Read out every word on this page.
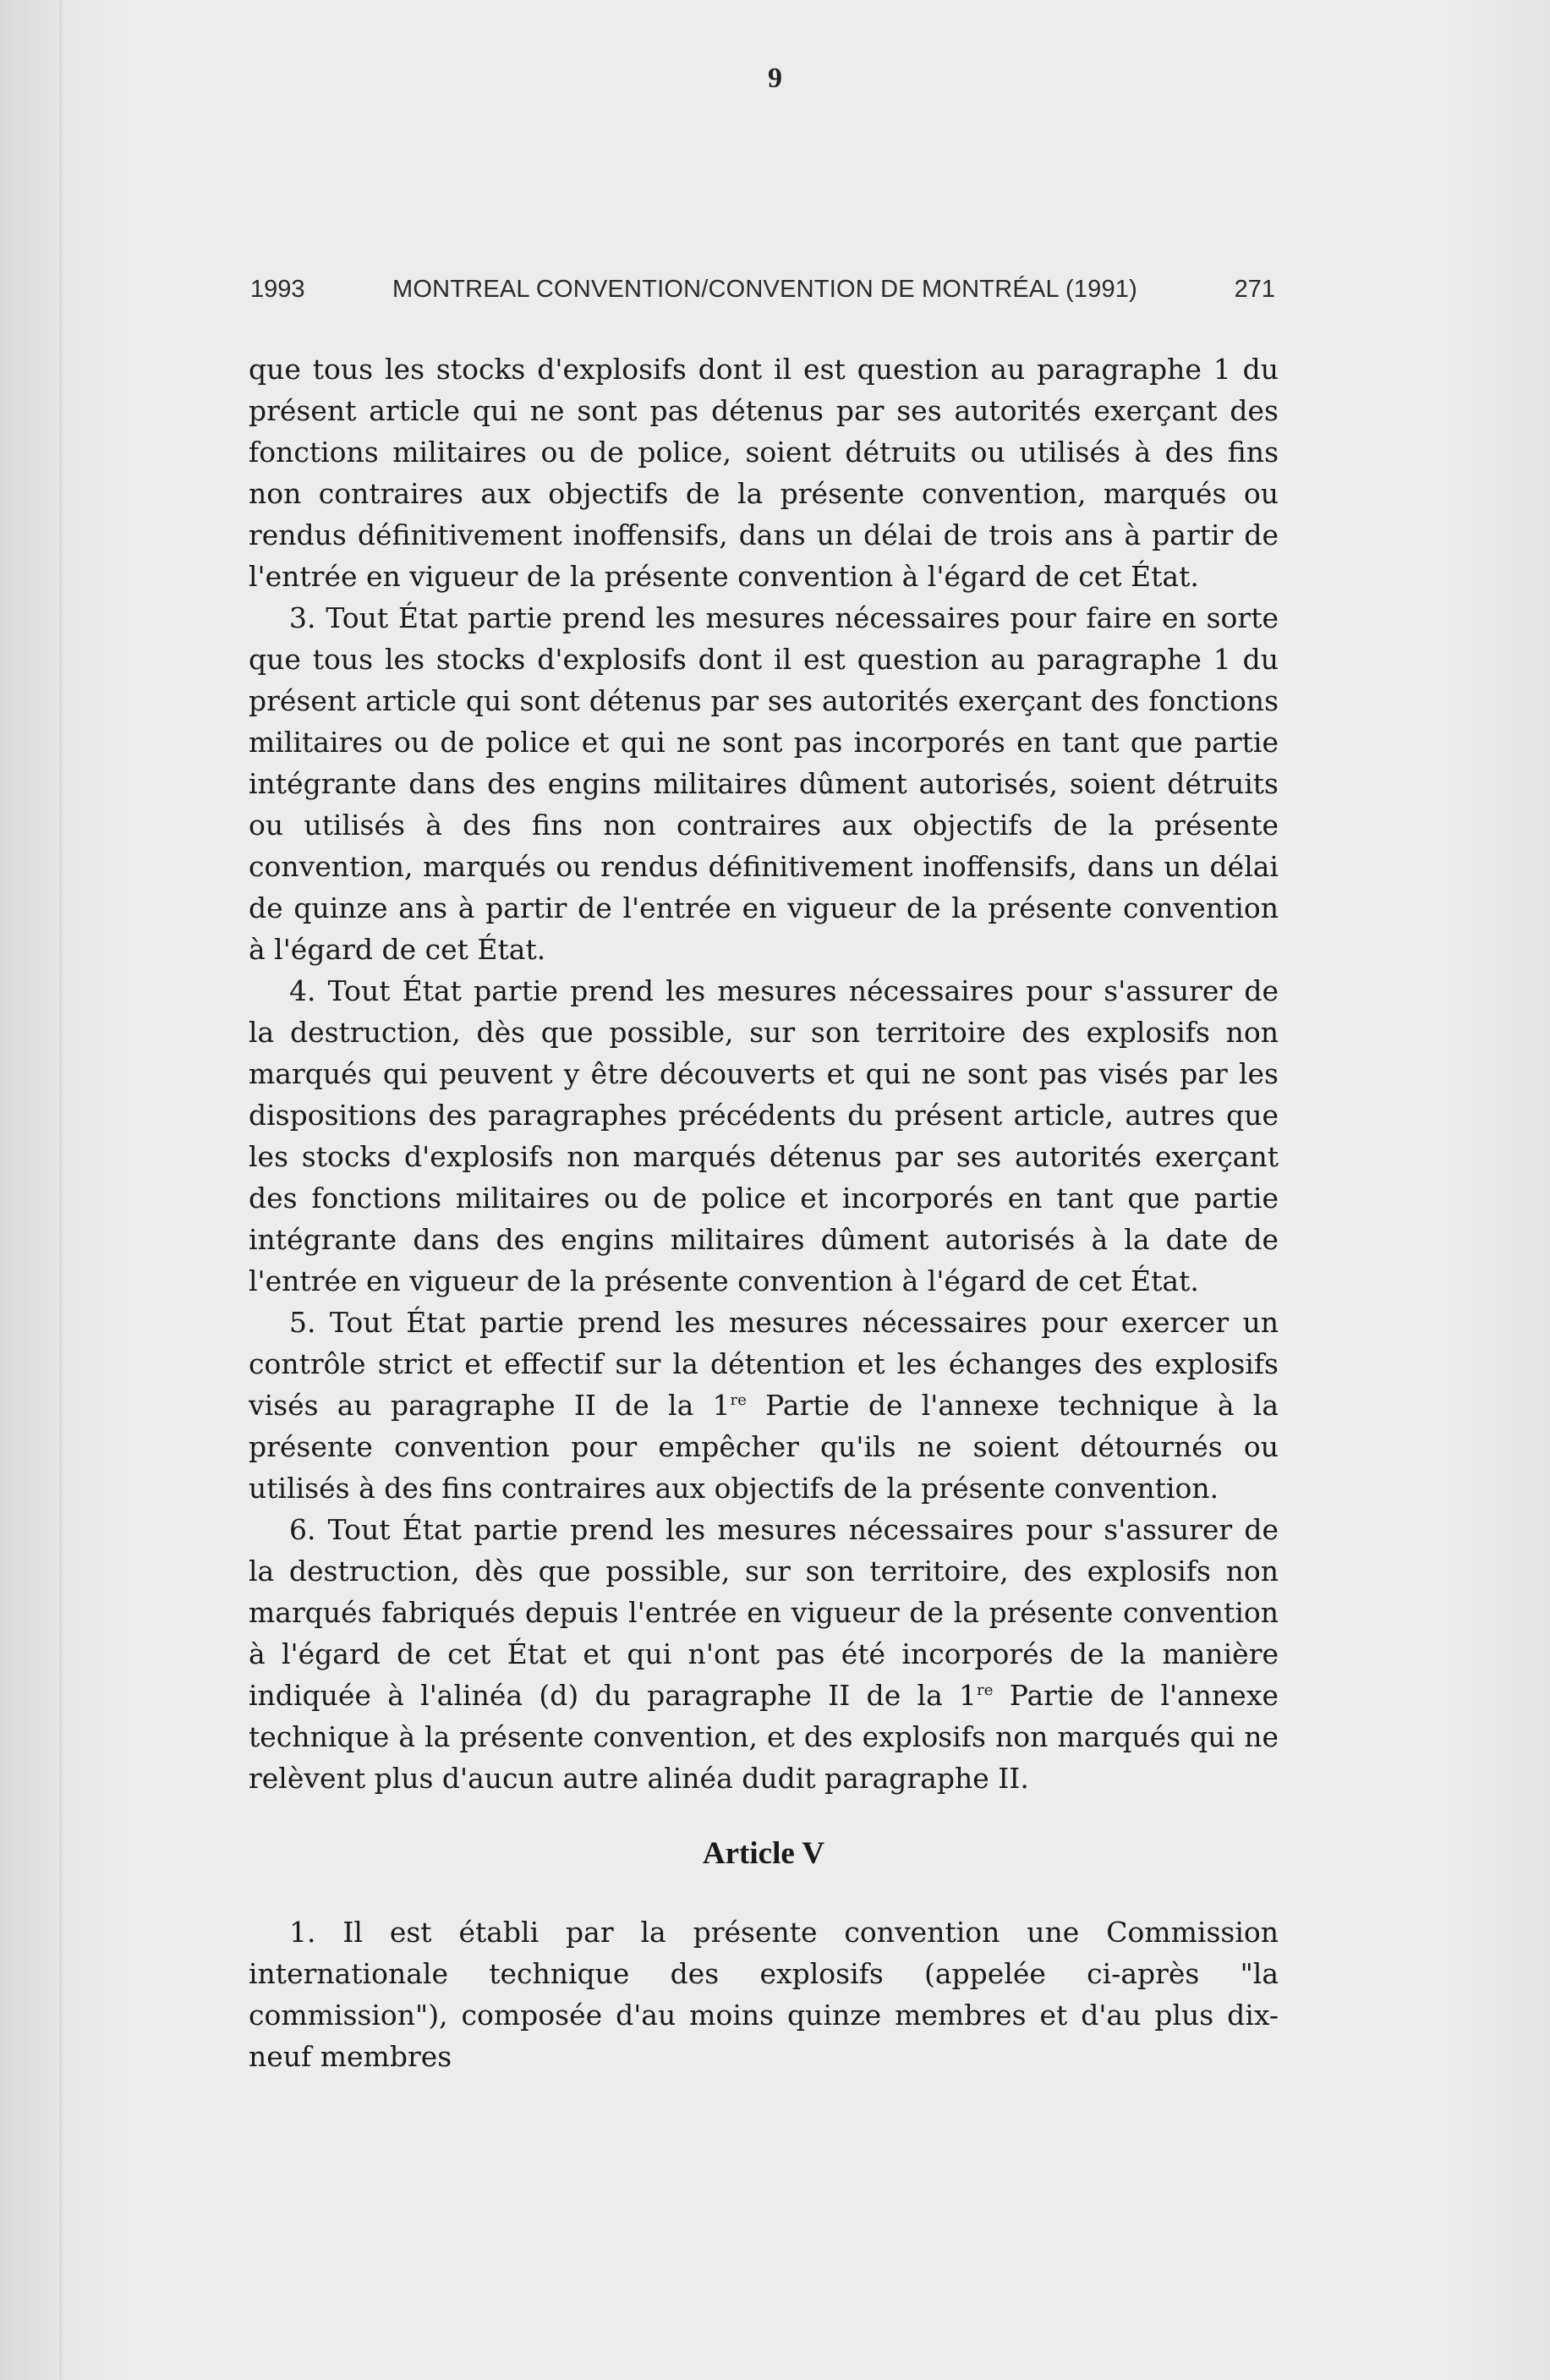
9
1993	MONTREAL CONVENTION/CONVENTION DE MONTRÉAL (1991)	271

que tous les stocks d'explosifs dont il est question au paragraphe 1 du présent article qui ne sont pas détenus par ses autorités exerçant des fonctions militaires ou de police, soient détruits ou utilisés à des fins non contraires aux objectifs de la présente convention, marqués ou rendus définitivement inoffensifs, dans un délai de trois ans à partir de l'entrée en vigueur de la présente convention à l'égard de cet État.

3. Tout État partie prend les mesures nécessaires pour faire en sorte que tous les stocks d'explosifs dont il est question au paragraphe 1 du présent article qui sont détenus par ses autorités exerçant des fonctions militaires ou de police et qui ne sont pas incorporés en tant que partie intégrante dans des engins militaires dûment autorisés, soient détruits ou utilisés à des fins non contraires aux objectifs de la présente convention, marqués ou rendus définitivement inoffensifs, dans un délai de quinze ans à partir de l'entrée en vigueur de la présente convention à l'égard de cet État.

4. Tout État partie prend les mesures nécessaires pour s'assurer de la destruction, dès que possible, sur son territoire des explosifs non marqués qui peuvent y être découverts et qui ne sont pas visés par les dispositions des paragraphes précédents du présent article, autres que les stocks d'explosifs non marqués détenus par ses autorités exerçant des fonctions militaires ou de police et incorporés en tant que partie intégrante dans des engins militaires dûment autorisés à la date de l'entrée en vigueur de la présente convention à l'égard de cet État.

5. Tout État partie prend les mesures nécessaires pour exercer un contrôle strict et effectif sur la détention et les échanges des explosifs visés au paragraphe II de la 1re Partie de l'annexe technique à la présente convention pour empêcher qu'ils ne soient détournés ou utilisés à des fins contraires aux objectifs de la présente convention.

6. Tout État partie prend les mesures nécessaires pour s'assurer de la destruction, dès que possible, sur son territoire, des explosifs non marqués fabriqués depuis l'entrée en vigueur de la présente convention à l'égard de cet État et qui n'ont pas été incorporés de la manière indiquée à l'alinéa (d) du paragraphe II de la 1re Partie de l'annexe technique à la présente convention, et des explosifs non marqués qui ne relèvent plus d'aucun autre alinéa dudit paragraphe II.

Article V

1. Il est établi par la présente convention une Commission internationale technique des explosifs (appelée ci-après "la commission"), composée d'au moins quinze membres et d'au plus dix-neuf membres
